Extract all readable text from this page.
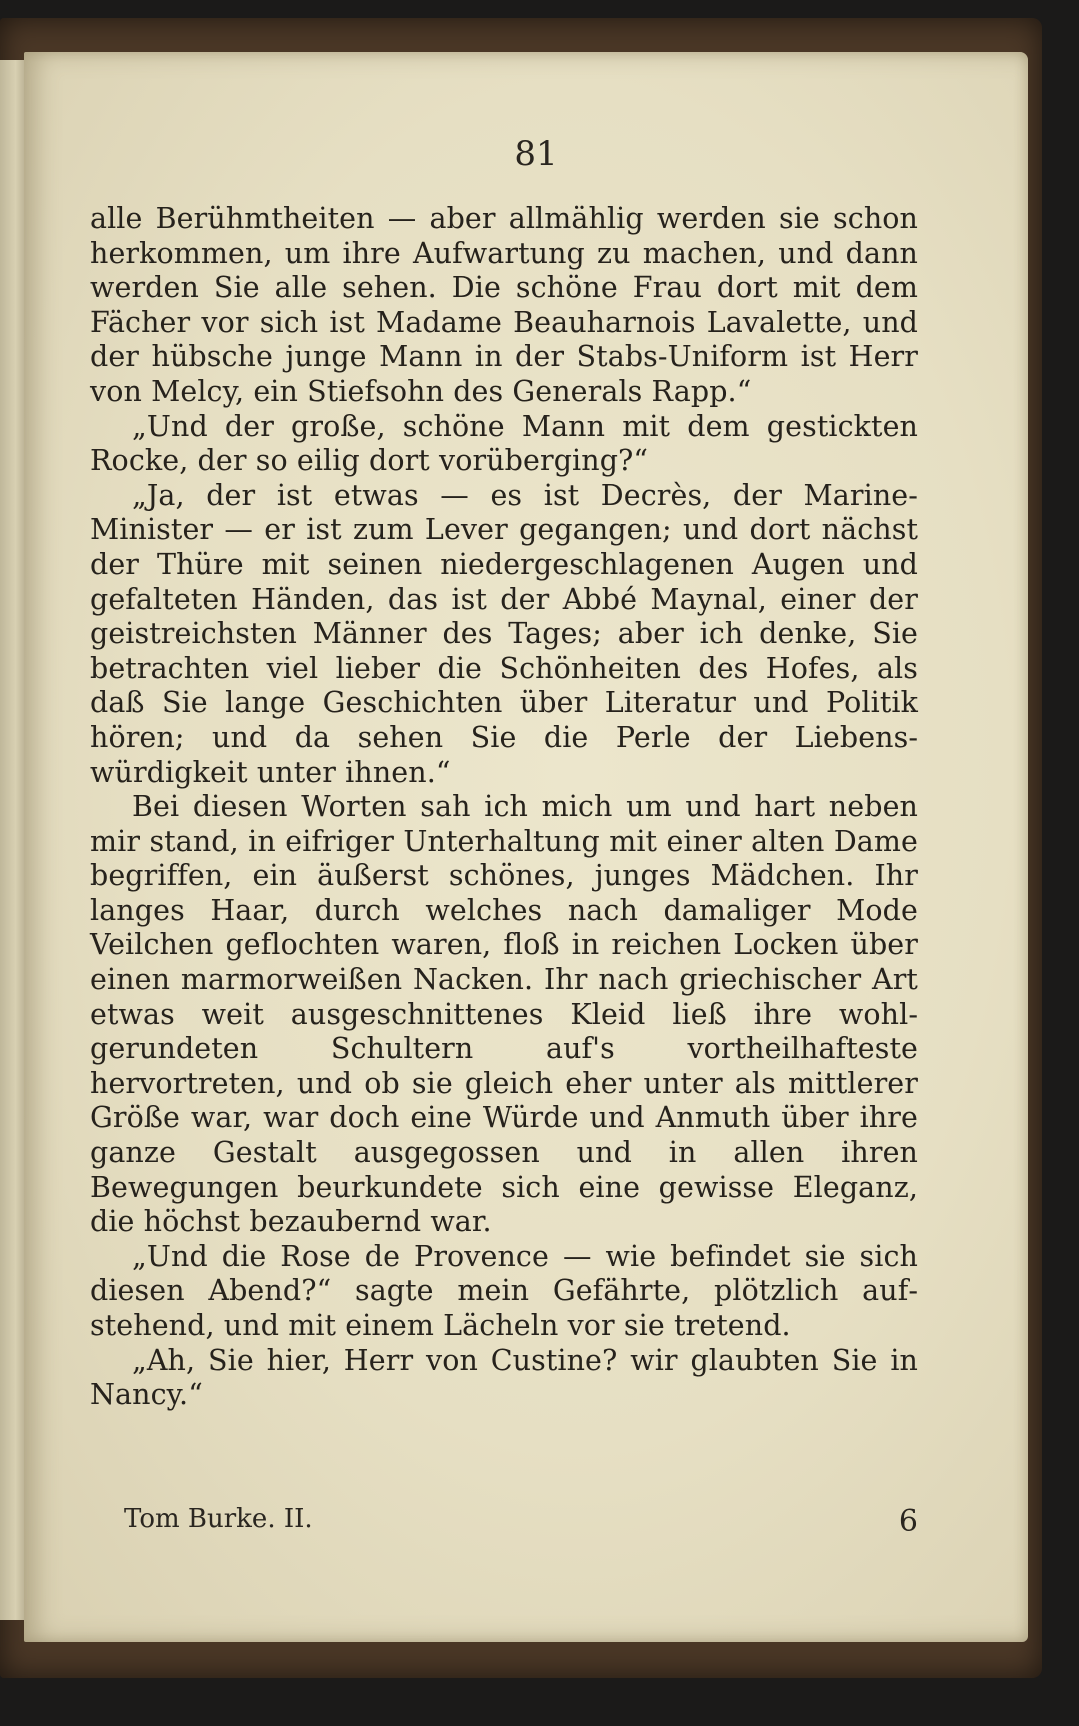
81

alle Berühmtheiten — aber allmählig werden sie schon herkommen, um ihre Aufwartung zu machen, und dann werden Sie alle sehen. Die schöne Frau dort mit dem Fächer vor sich ist Madame Beauharnois Lavalette, und der hübsche junge Mann in der Stabs-Uniform ist Herr von Melcy, ein Stiefsohn des Generals Rapp.“

„Und der große, schöne Mann mit dem gestickten Rocke, der so eilig dort vorüberging?“

„Ja, der ist etwas — es ist Decrès, der Marine-Minister — er ist zum Lever gegangen; und dort nächst der Thüre mit seinen niedergeschlagenen Augen und gefalteten Händen, das ist der Abbé Maynal, einer der geistreichsten Männer des Tages; aber ich denke, Sie betrachten viel lieber die Schönheiten des Hofes, als daß Sie lange Geschichten über Literatur und Politik hören; und da sehen Sie die Perle der Liebenswürdigkeit unter ihnen.“

Bei diesen Worten sah ich mich um und hart neben mir stand, in eifriger Unterhaltung mit einer alten Dame begriffen, ein äußerst schönes, junges Mädchen. Ihr langes Haar, durch welches nach damaliger Mode Veilchen geflochten waren, floß in reichen Locken über einen marmorweißen Nacken. Ihr nach griechischer Art etwas weit ausgeschnittenes Kleid ließ ihre wohlgerundeten Schultern auf's vortheilhafteste hervortreten, und ob sie gleich eher unter als mittlerer Größe war, war doch eine Würde und Anmuth über ihre ganze Gestalt ausgegossen und in allen ihren Bewegungen beurkundete sich eine gewisse Eleganz, die höchst bezaubernd war.

„Und die Rose de Provence — wie befindet sie sich diesen Abend?“ sagte mein Gefährte, plötzlich aufstehend, und mit einem Lächeln vor sie tretend.

„Ah, Sie hier, Herr von Custine? wir glaubten Sie in Nancy.“

Tom Burke. II.	6
